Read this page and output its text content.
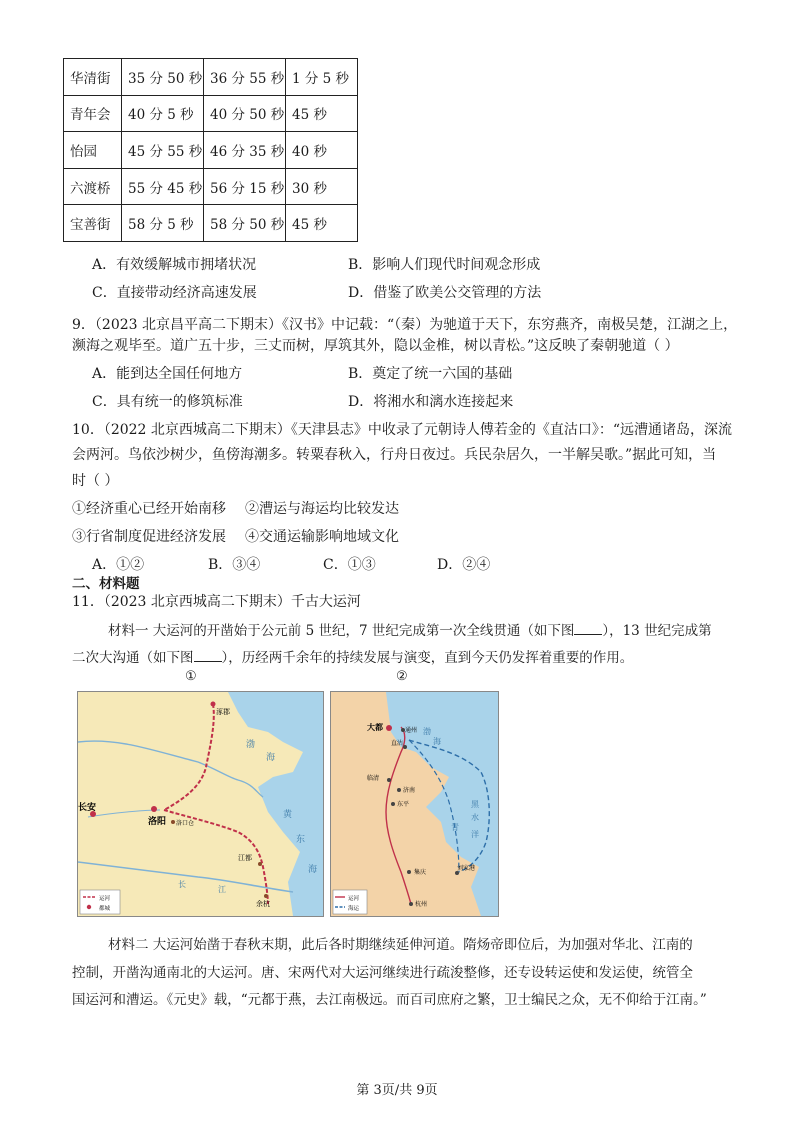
华清街	35 分 50 秒	36 分 55 秒	1 分 5 秒
青年会	40 分 5 秒	40 分 50 秒	45 秒
怡园	45 分 55 秒	46 分 35 秒	40 秒
六渡桥	55 分 45 秒	56 分 15 秒	30 秒
宝善街	58 分 5 秒	58 分 50 秒	45 秒
A．有效缓解城市拥堵状况	B．影响人们现代时间观念形成
C．直接带动经济高速发展	D．借鉴了欧美公交管理的方法
9．（2023 北京昌平高二下期末）《汉书》中记载：“（秦）为驰道于天下，东穷燕齐，南极吴楚，江湖之上，
濒海之观毕至。道广五十步，三丈而树，厚筑其外，隐以金椎，树以青松。”这反映了秦朝驰道（ ）
A．能到达全国任何地方	B．奠定了统一六国的基础
C．具有统一的修筑标准	D．将湘水和漓水连接起来
10．（2022 北京西城高二下期末）《天津县志》中收录了元朝诗人傅若金的《直沽口》：“远漕通诸岛，深流
会两河。鸟依沙树少，鱼傍海潮多。转粟春秋入，行舟日夜过。兵民杂居久，一半解吴歌。”据此可知，当
时（ ）
①经济重心已经开始南移 ②漕运与海运均比较发达
③行省制度促进经济发展 ④交通运输影响地域文化
A．①②	B．③④	C．①③	D．②④
二、材料题
11．（2023 北京西城高二下期末）千古大运河
材料一 大运河的开凿始于公元前 5 世纪，7 世纪完成第一次全线贯通（如下图 ），13 世纪完成第
二次大沟通（如下图 ），历经两千余年的持续发展与演变，直到今天仍发挥着重要的作用。
①	②
涿郡
长安
洛阳 洛口仓
江都
余杭
渤
海
黄
东
海
长
江
运河
都城
大都	通州
直沽
临清
济南
东平
集庆
刘家港
杭州
渤
海
黑
水
青
洋
运河
海运
材料二 大运河始凿于春秋末期，此后各时期继续延伸河道。隋炀帝即位后，为加强对华北、江南的
控制，开凿沟通南北的大运河。唐、宋两代对大运河继续进行疏浚整修，还专设转运使和发运使，统管全
国运河和漕运。《元史》载，“元都于燕，去江南极远。而百司庶府之繁，卫士编民之众，无不仰给于江南。”
第 3页/共 9页
